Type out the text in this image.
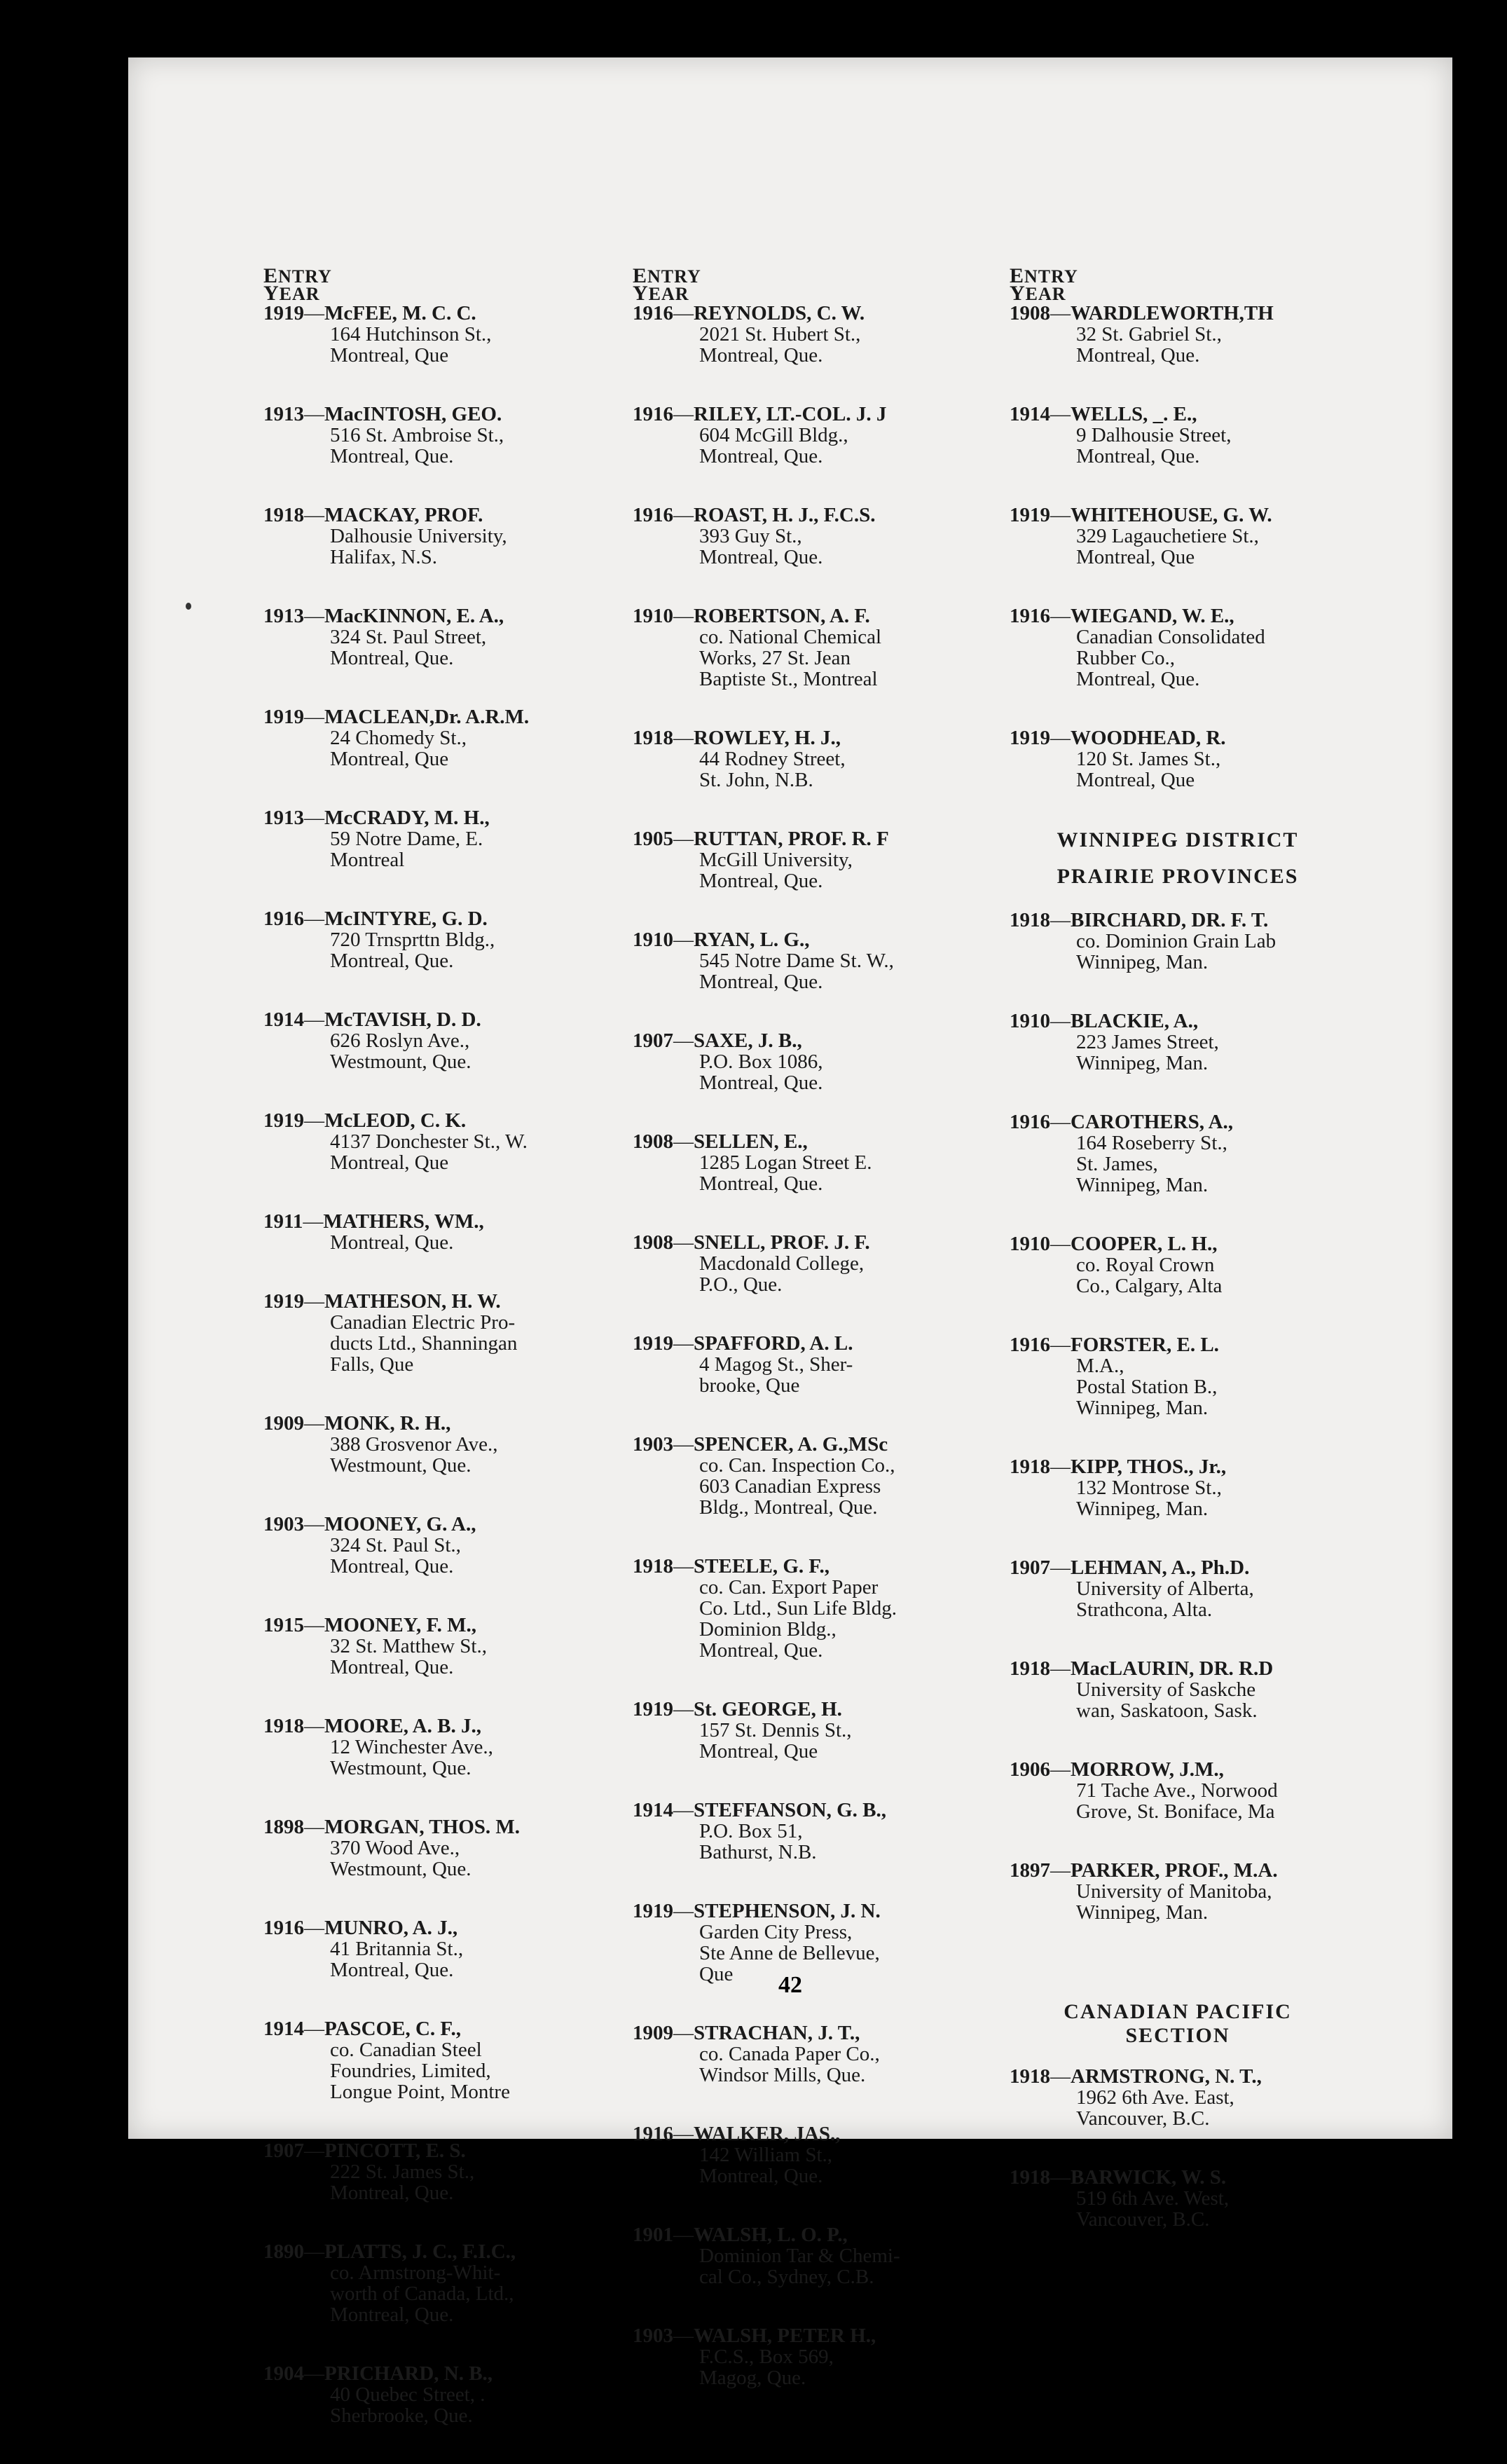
ENTRY
YEAR
1919—McFEE, M. C. C.
164 Hutchinson St.,
Montreal, Que
1913—MacINTOSH, GEO.
516 St. Ambroise St.,
Montreal, Que.
1918—MACKAY, PROF.
Dalhousie University,
Halifax, N.S.
1913—MacKINNON, E. A.,
324 St. Paul Street,
Montreal, Que.
1919—MACLEAN,Dr. A.R.M.
24 Chomedy St.,
Montreal, Que
1913—McCRADY, M. H.,
59 Notre Dame, E.
Montreal
1916—McINTYRE, G. D.
720 Trnsprttn Bldg.,
Montreal, Que.
1914—McTAVISH, D. D.
626 Roslyn Ave.,
Westmount, Que.
1919—McLEOD, C. K.
4137 Donchester St., W.
Montreal, Que
1911—MATHERS, WM.,
Montreal, Que.
1919—MATHESON, H. W.
Canadian Electric Pro-
ducts Ltd., Shanningan
Falls, Que
1909—MONK, R. H.,
388 Grosvenor Ave.,
Westmount, Que.
1903—MOONEY, G. A.,
324 St. Paul St.,
Montreal, Que.
1915—MOONEY, F. M.,
32 St. Matthew St.,
Montreal, Que.
1918—MOORE, A. B. J.,
12 Winchester Ave.,
Westmount, Que.
1898—MORGAN, THOS. M.
370 Wood Ave.,
Westmount, Que.
1916—MUNRO, A. J.,
41 Britannia St.,
Montreal, Que.
1914—PASCOE, C. F.,
co. Canadian Steel
Foundries, Limited,
Longue Point, Montre
1907—PINCOTT, E. S.
222 St. James St.,
Montreal, Que.
1890—PLATTS, J. C., F.I.C.,
co. Armstrong-Whit-
worth of Canada, Ltd.,
Montreal, Que.
1904—PRICHARD, N. B.,
40 Quebec Street, .
Sherbrooke, Que.
ENTRY
YEAR
1916—REYNOLDS, C. W.
2021 St. Hubert St.,
Montreal, Que.
1916—RILEY, LT.-COL. J. J
604 McGill Bldg.,
Montreal, Que.
1916—ROAST, H. J., F.C.S.
393 Guy St.,
Montreal, Que.
1910—ROBERTSON, A. F.
co. National Chemical
Works, 27 St. Jean
Baptiste St., Montreal
1918—ROWLEY, H. J.,
44 Rodney Street,
St. John, N.B.
1905—RUTTAN, PROF. R. F
McGill University,
Montreal, Que.
1910—RYAN, L. G.,
545 Notre Dame St. W.,
Montreal, Que.
1907—SAXE, J. B.,
P.O. Box 1086,
Montreal, Que.
1908—SELLEN, E.,
1285 Logan Street E.
Montreal, Que.
1908—SNELL, PROF. J. F.
Macdonald College,
P.O., Que.
1919—SPAFFORD, A. L.
4 Magog St., Sher-
brooke, Que
1903—SPENCER, A. G.,MSc
co. Can. Inspection Co.,
603 Canadian Express
Bldg., Montreal, Que.
1918—STEELE, G. F.,
co. Can. Export Paper
Co. Ltd., Sun Life Bldg.
Dominion Bldg.,
Montreal, Que.
1919—St. GEORGE, H.
157 St. Dennis St.,
Montreal, Que
1914—STEFFANSON, G. B.,
P.O. Box 51,
Bathurst, N.B.
1919—STEPHENSON, J. N.
Garden City Press,
Ste Anne de Bellevue,
Que
1909—STRACHAN, J. T.,
co. Canada Paper Co.,
Windsor Mills, Que.
1916—WALKER, JAS.,
142 William St.,
Montreal, Que.
1901—WALSH, L. O. P.,
Dominion Tar & Chemi-
cal Co., Sydney, C.B.
1903—WALSH, PETER H.,
F.C.S., Box 569,
Magog, Que.
ENTRY
YEAR
1908—WARDLEWORTH,TH
32 St. Gabriel St.,
Montreal, Que.
1914—WELLS, _. E.,
9 Dalhousie Street,
Montreal, Que.
1919—WHITEHOUSE, G. W.
329 Lagauchetiere St.,
Montreal, Que
1916—WIEGAND, W. E.,
Canadian Consolidated
Rubber Co.,
Montreal, Que.
1919—WOODHEAD, R.
120 St. James St.,
Montreal, Que
WINNIPEG DISTRICT
PRAIRIE PROVINCES
1918—BIRCHARD, DR. F. T.
co. Dominion Grain Lab
Winnipeg, Man.
1910—BLACKIE, A.,
223 James Street,
Winnipeg, Man.
1916—CAROTHERS, A.,
164 Roseberry St.,
St. James,
Winnipeg, Man.
1910—COOPER, L. H.,
co. Royal Crown
Co., Calgary, Alta
1916—FORSTER, E. L.
M.A.,
Postal Station B.,
Winnipeg, Man.
1918—KIPP, THOS., Jr.,
132 Montrose St.,
Winnipeg, Man.
1907—LEHMAN, A., Ph.D.
University of Alberta,
Strathcona, Alta.
1918—MacLAURIN, DR. R.D
University of Saskche
wan, Saskatoon, Sask.
1906—MORROW, J.M.,
71 Tache Ave., Norwood
Grove, St. Boniface, Ma
1897—PARKER, PROF., M.A.
University of Manitoba,
Winnipeg, Man.
CANADIAN PACIFIC
SECTION
1918—ARMSTRONG, N. T.,
1962 6th Ave. East,
Vancouver, B.C.
1918—BARWICK, W. S.
519 6th Ave. West,
Vancouver, B.C.
42
